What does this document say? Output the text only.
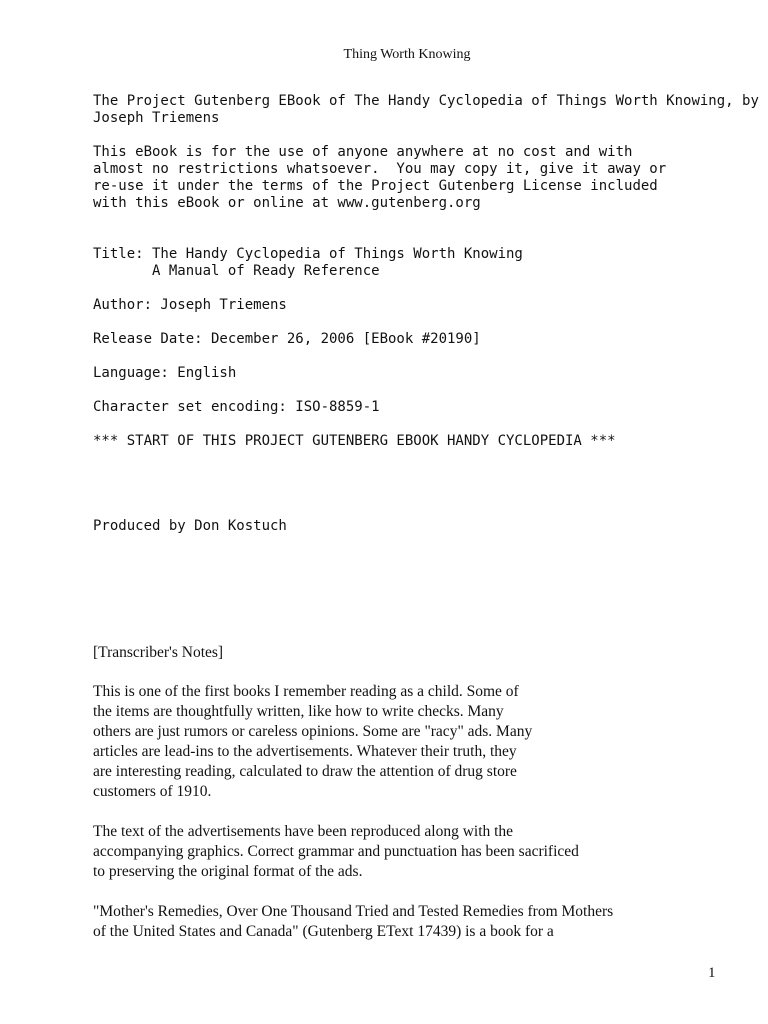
Thing Worth Knowing
The Project Gutenberg EBook of The Handy Cyclopedia of Things Worth Knowing, by
Joseph Triemens
This eBook is for the use of anyone anywhere at no cost and with
almost no restrictions whatsoever.  You may copy it, give it away or
re-use it under the terms of the Project Gutenberg License included
with this eBook or online at www.gutenberg.org
Title: The Handy Cyclopedia of Things Worth Knowing
A Manual of Ready Reference
Author: Joseph Triemens
Release Date: December 26, 2006 [EBook #20190]
Language: English
Character set encoding: ISO-8859-1
*** START OF THIS PROJECT GUTENBERG EBOOK HANDY CYCLOPEDIA ***
Produced by Don Kostuch
[Transcriber's Notes]
This is one of the first books I remember reading as a child. Some of
the items are thoughtfully written, like how to write checks. Many
others are just rumors or careless opinions. Some are "racy" ads. Many
articles are lead-ins to the advertisements. Whatever their truth, they
are interesting reading, calculated to draw the attention of drug store
customers of 1910.
The text of the advertisements have been reproduced along with the
accompanying graphics. Correct grammar and punctuation has been sacrificed
to preserving the original format of the ads.
"Mother's Remedies, Over One Thousand Tried and Tested Remedies from Mothers
of the United States and Canada" (Gutenberg EText 17439) is a book for a
1
